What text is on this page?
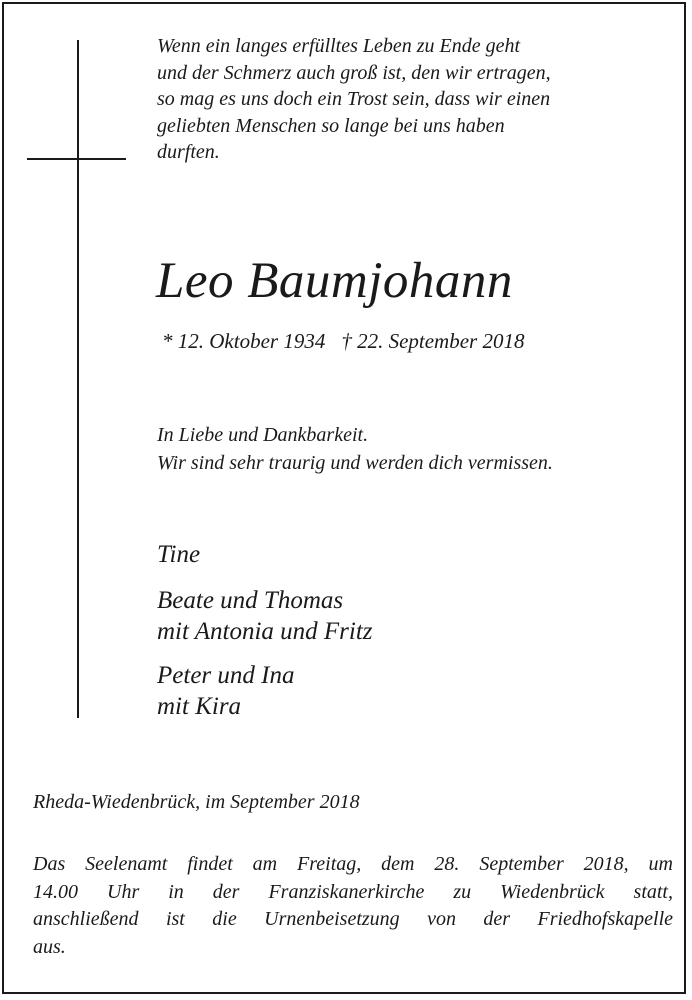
Wenn ein langes erfülltes Leben zu Ende geht
und der Schmerz auch groß ist, den wir ertragen,
so mag es uns doch ein Trost sein, dass wir einen
geliebten Menschen so lange bei uns haben
durften.
Leo Baumjohann
* 12. Oktober 1934 † 22. September 2018
In Liebe und Dankbarkeit.
Wir sind sehr traurig und werden dich vermissen.
Tine
Beate und Thomas
mit Antonia und Fritz
Peter und Ina
mit Kira
Rheda-Wiedenbrück, im September 2018
Das Seelenamt findet am Freitag, dem 28. September 2018, um
14.00 Uhr in der Franziskanerkirche zu Wiedenbrück statt,
anschließend ist die Urnenbeisetzung von der Friedhofskapelle
aus.
